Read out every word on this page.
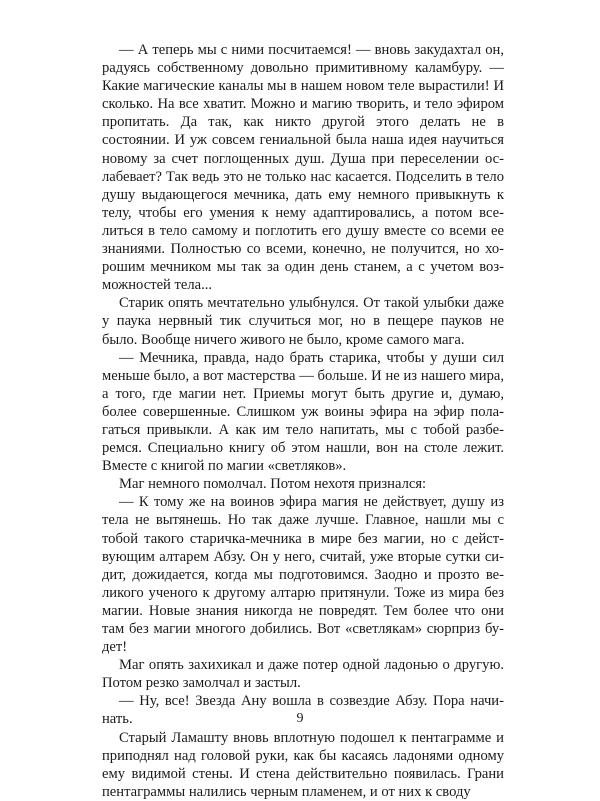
— А теперь мы с ними посчитаемся! — вновь закудахтал он, радуясь собственному довольно примитивному каламбуру. — Какие магические каналы мы в нашем новом теле вырастили! И сколько. На все хватит. Можно и магию творить, и тело эфиром пропитать. Да так, как никто другой этого делать не в состоянии. И уж совсем гениальной была наша идея научиться новому за счет поглощенных душ. Душа при переселении ослабевает? Так ведь это не только нас касается. Подселить в тело душу выдающегося мечника, дать ему немного привыкнуть к телу, чтобы его умения к нему адаптировались, а потом вселиться в тело самому и поглотить его душу вместе со всеми ее знаниями. Полностью со всеми, конечно, не получится, но хорошим мечником мы так за один день станем, а с учетом возможностей тела...

Старик опять мечтательно улыбнулся. От такой улыбки даже у паука нервный тик случиться мог, но в пещере пауков не было. Вообще ничего живого не было, кроме самого мага.

— Мечника, правда, надо брать старика, чтобы у души сил меньше было, а вот мастерства — больше. И не из нашего мира, а того, где магии нет. Приемы могут быть другие и, думаю, более совершенные. Слишком уж воины эфира на эфир полагаться привыкли. А как им тело напитать, мы с тобой разберемся. Специально книгу об этом нашли, вон на столе лежит. Вместе с книгой по магии «светляков».

Маг немного помолчал. Потом нехотя признался:

— К тому же на воинов эфира магия не действует, душу из тела не вытянешь. Но так даже лучше. Главное, нашли мы с тобой такого старичка-мечника в мире без магии, но с действующим алтарем Абзу. Он у него, считай, уже вторые сутки сидит, дожидается, когда мы подготовимся. Заодно и прозто великого ученого к другому алтарю притянули. Тоже из мира без магии. Новые знания никогда не повредят. Тем более что они там без магии многого добились. Вот «светлякам» сюрприз будет!

Маг опять захихикал и даже потер одной ладонью о другую. Потом резко замолчал и застыл.

— Ну, все! Звезда Ану вошла в созвездие Абзу. Пора начинать.

Старый Ламашту вновь вплотную подошел к пентаграмме и приподнял над головой руки, как бы касаясь ладонями одному ему видимой стены. И стена действительно появилась. Грани пентаграммы налились черным пламенем, и от них к своду

9
